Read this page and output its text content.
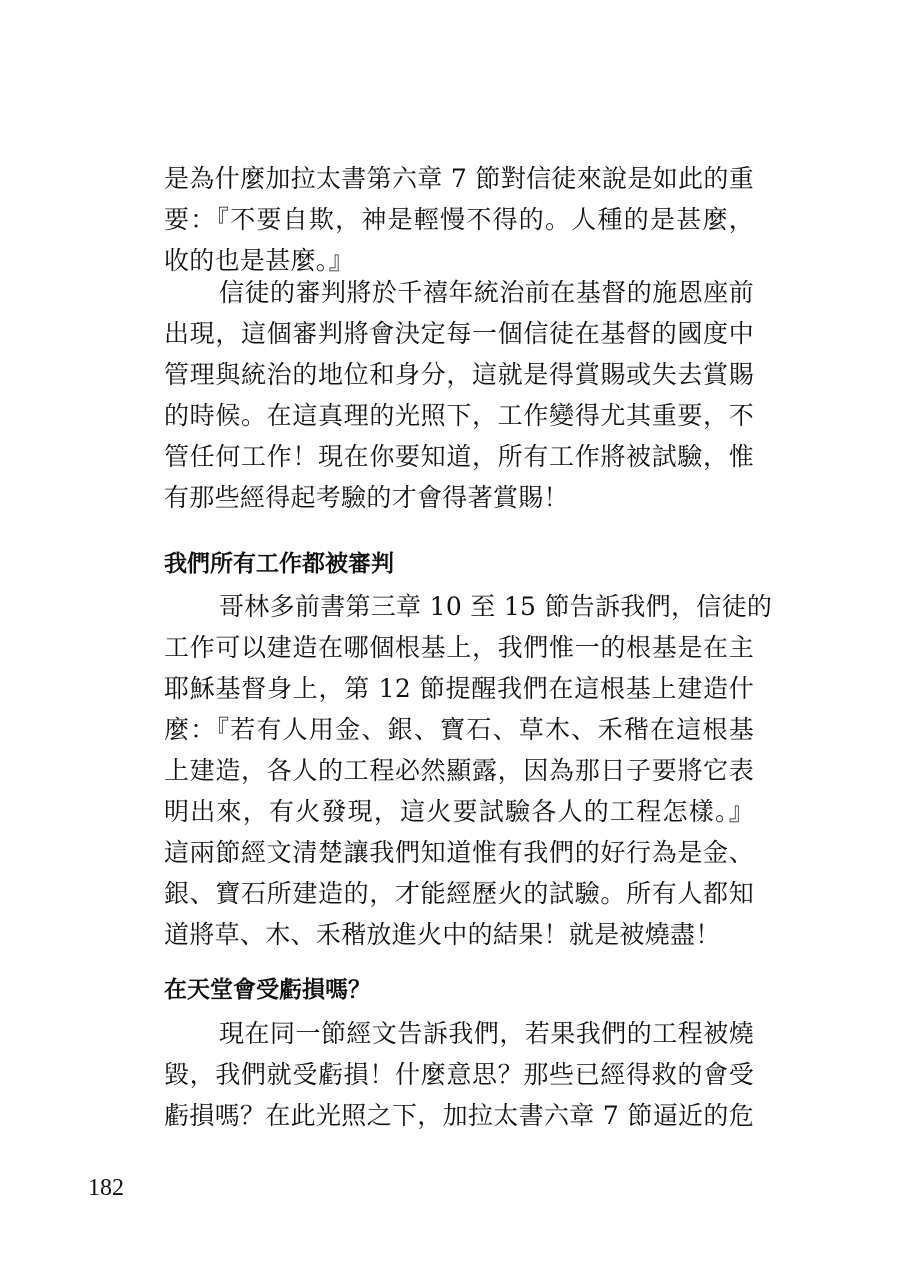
是為什麼加拉太書第六章 7 節對信徒來說是如此的重
要：『不要自欺，神是輕慢不得的。人種的是甚麼，
收的也是甚麼。』
信徒的審判將於千禧年統治前在基督的施恩座前
出現，這個審判將會決定每一個信徒在基督的國度中
管理與統治的地位和身分，這就是得賞賜或失去賞賜
的時候。在這真理的光照下，工作變得尤其重要，不
管任何工作！現在你要知道，所有工作將被試驗，惟
有那些經得起考驗的才會得著賞賜！
我們所有工作都被審判
哥林多前書第三章 10 至 15 節告訴我們，信徒的
工作可以建造在哪個根基上，我們惟一的根基是在主
耶穌基督身上，第 12 節提醒我們在這根基上建造什
麼：『若有人用金、銀、寶石、草木、禾稭在這根基
上建造，各人的工程必然顯露，因為那日子要將它表
明出來，有火發現，這火要試驗各人的工程怎樣。』
這兩節經文清楚讓我們知道惟有我們的好行為是金、
銀、寶石所建造的，才能經歷火的試驗。所有人都知
道將草、木、禾稭放進火中的結果！就是被燒盡！
在天堂會受虧損嗎？
現在同一節經文告訴我們，若果我們的工程被燒
毀，我們就受虧損！什麼意思？那些已經得救的會受
虧損嗎？在此光照之下，加拉太書六章 7 節逼近的危
182
